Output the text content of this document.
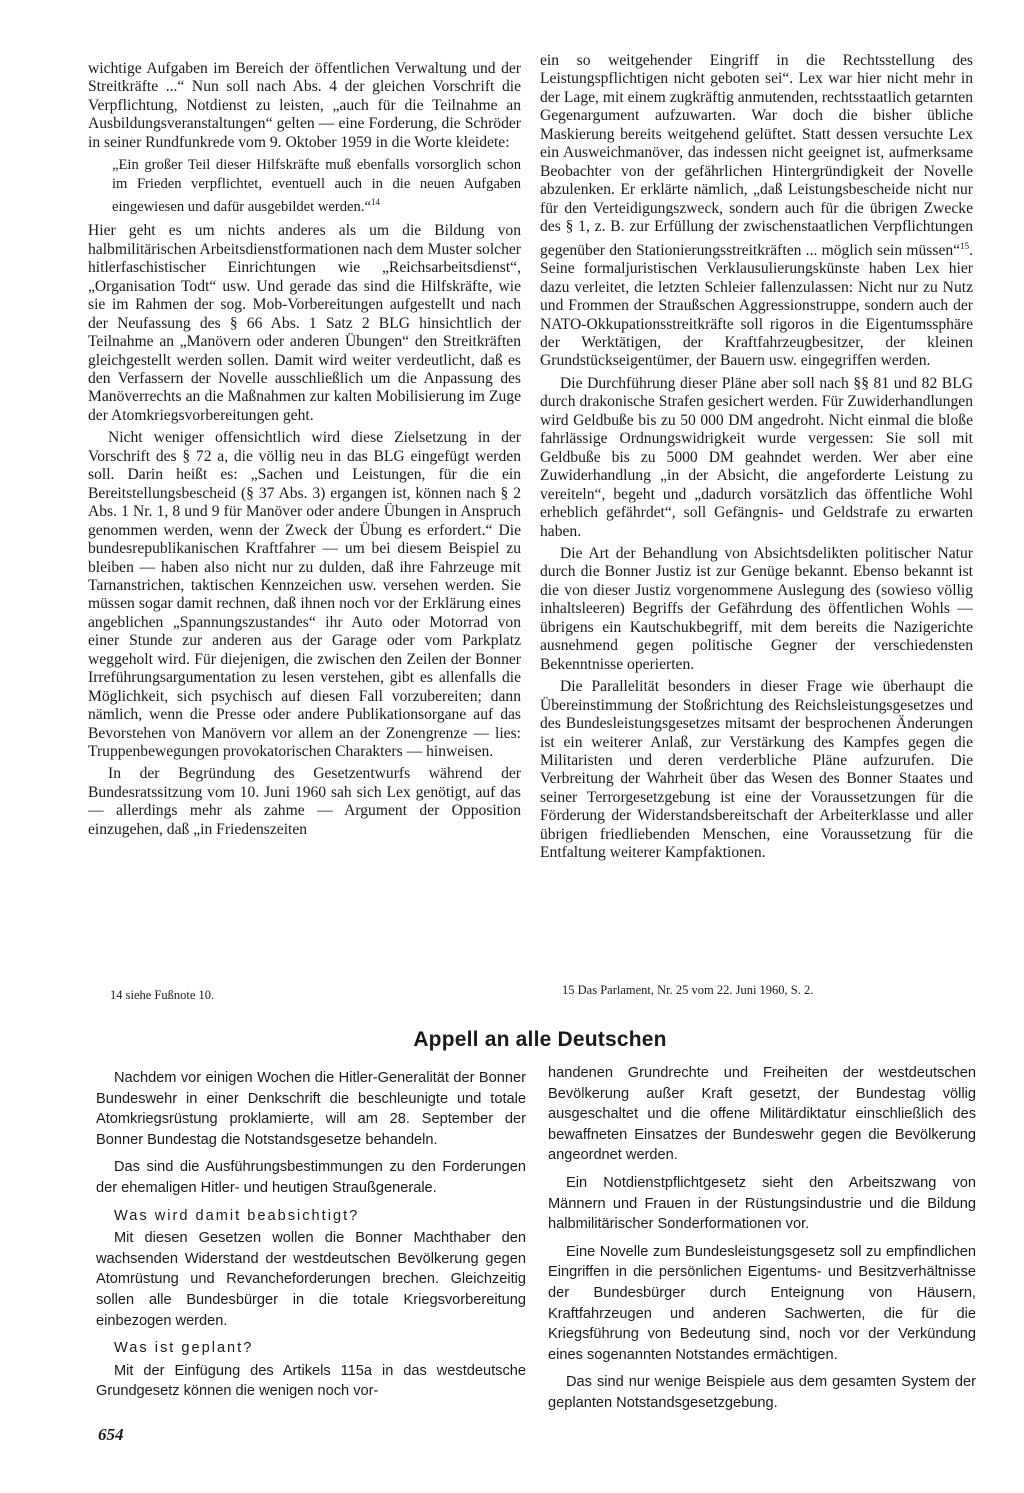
wichtige Aufgaben im Bereich der öffentlichen Verwaltung und der Streitkräfte ...“ Nun soll nach Abs. 4 der gleichen Vorschrift die Verpflichtung, Notdienst zu leisten, „auch für die Teilnahme an Ausbildungsveranstaltungen“ gelten — eine Forderung, die Schröder in seiner Rundfunkrede vom 9. Oktober 1959 in die Worte kleidete:

„Ein großer Teil dieser Hilfskräfte muß ebenfalls vorsorglich schon im Frieden verpflichtet, eventuell auch in die neuen Aufgaben eingewiesen und dafür ausgebildet werden.“$^{14}$

Hier geht es um nichts anderes als um die Bildung von halbmilitärischen Arbeitsdienstformationen nach dem Muster solcher hitlerfaschistischer Einrichtungen wie „Reichsarbeitsdienst“, „Organisation Todt“ usw. Und gerade das sind die Hilfskräfte, wie sie im Rahmen der sog. Mob-Vorbereitungen aufgestellt und nach der Neufassung des § 66 Abs. 1 Satz 2 BLG hinsichtlich der Teilnahme an „Manövern oder anderen Übungen“ den Streitkräften gleichgestellt werden sollen. Damit wird weiter verdeutlicht, daß es den Verfassern der Novelle ausschließlich um die Anpassung des Manöverrechts an die Maßnahmen zur kalten Mobilisierung im Zuge der Atomkriegsvorbereitungen geht.

Nicht weniger offensichtlich wird diese Zielsetzung in der Vorschrift des § 72 a, die völlig neu in das BLG eingefügt werden soll. Darin heißt es: „Sachen und Leistungen, für die ein Bereitstellungsbescheid (§ 37 Abs. 3) ergangen ist, können nach § 2 Abs. 1 Nr. 1, 8 und 9 für Manöver oder andere Übungen in Anspruch genommen werden, wenn der Zweck der Übung es erfordert.“ Die bundesrepublikanischen Kraftfahrer — um bei diesem Beispiel zu bleiben — haben also nicht nur zu dulden, daß ihre Fahrzeuge mit Tarnanstrichen, taktischen Kennzeichen usw. versehen werden. Sie müssen sogar damit rechnen, daß ihnen noch vor der Erklärung eines angeblichen „Spannungszustandes“ ihr Auto oder Motorrad von einer Stunde zur anderen aus der Garage oder vom Parkplatz weggeholt wird. Für diejenigen, die zwischen den Zeilen der Bonner Irreführungsargumentation zu lesen verstehen, gibt es allenfalls die Möglichkeit, sich psychisch auf diesen Fall vorzubereiten; dann nämlich, wenn die Presse oder andere Publikationsorgane auf das Bevorstehen von Manövern vor allem an der Zonengrenze — lies: Truppenbewegungen provokatorischen Charakters — hinweisen.

In der Begründung des Gesetzentwurfs während der Bundesratssitzung vom 10. Juni 1960 sah sich Lex genötigt, auf das — allerdings mehr als zahme — Argument der Opposition einzugehen, daß „in Friedenszeiten

14 siehe Fußnote 10.

ein so weitgehender Eingriff in die Rechtsstellung des Leistungspflichtigen nicht geboten sei“. Lex war hier nicht mehr in der Lage, mit einem zugkräftig anmutenden, rechtsstaatlich getarnten Gegenargument aufzuwarten. War doch die bisher übliche Maskierung bereits weitgehend gelüftet. Statt dessen versuchte Lex ein Ausweichmanöver, das indessen nicht geeignet ist, aufmerksame Beobachter von der gefährlichen Hintergründigkeit der Novelle abzulenken. Er erklärte nämlich, „daß Leistungsbescheide nicht nur für den Verteidigungszweck, sondern auch für die übrigen Zwecke des § 1, z. B. zur Erfüllung der zwischenstaatlichen Verpflichtungen gegenüber den Stationierungsstreitkräften ... möglich sein müssen“$^{15}$. Seine formaljuristischen Verklausulierungskünste haben Lex hier dazu verleitet, die letzten Schleier fallenzulassen: Nicht nur zu Nutz und Frommen der Straußschen Aggressionstruppe, sondern auch der NATO-Okkupationsstreitkräfte soll rigoros in die Eigentumssphäre der Werktätigen, der Kraftfahrzeugbesitzer, der kleinen Grundstückseigentümer, der Bauern usw. eingegriffen werden.

Die Durchführung dieser Pläne aber soll nach §§ 81 und 82 BLG durch drakonische Strafen gesichert werden. Für Zuwiderhandlungen wird Geldbuße bis zu 50 000 DM angedroht. Nicht einmal die bloße fahrlässige Ordnungswidrigkeit wurde vergessen: Sie soll mit Geldbuße bis zu 5000 DM geahndet werden. Wer aber eine Zuwiderhandlung „in der Absicht, die angeforderte Leistung zu vereiteln“, begeht und „dadurch vorsätzlich das öffentliche Wohl erheblich gefährdet“, soll Gefängnis- und Geldstrafe zu erwarten haben.

Die Art der Behandlung von Absichtsdelikten politischer Natur durch die Bonner Justiz ist zur Genüge bekannt. Ebenso bekannt ist die von dieser Justiz vorgenommene Auslegung des (sowieso völlig inhaltsleeren) Begriffs der Gefährdung des öffentlichen Wohls — übrigens ein Kautschukbegriff, mit dem bereits die Nazigerichte ausnehmend gegen politische Gegner der verschiedensten Bekenntnisse operierten.

Die Parallelität besonders in dieser Frage wie überhaupt die Übereinstimmung der Stoßrichtung des Reichsleistungsgesetzes und des Bundesleistungsgesetzes mitsamt der besprochenen Änderungen ist ein weiterer Anlaß, zur Verstärkung des Kampfes gegen die Militaristen und deren verderbliche Pläne aufzurufen. Die Verbreitung der Wahrheit über das Wesen des Bonner Staates und seiner Terrorgesetzgebung ist eine der Voraussetzungen für die Förderung der Widerstandsbereitschaft der Arbeiterklasse und aller übrigen friedliebenden Menschen, eine Voraussetzung für die Entfaltung weiterer Kampfaktionen.

15 Das Parlament, Nr. 25 vom 22. Juni 1960, S. 2.
Appell an alle Deutschen

Nachdem vor einigen Wochen die Hitler-Generalität der Bonner Bundeswehr in einer Denkschrift die beschleunigte und totale Atomkriegsrüstung proklamierte, will am 28. September der Bonner Bundestag die Notstandsgesetze behandeln.

Das sind die Ausführungsbestimmungen zu den Forderungen der ehemaligen Hitler- und heutigen Straußgenerale.

Was wird damit beabsichtigt?

Mit diesen Gesetzen wollen die Bonner Machthaber den wachsenden Widerstand der westdeutschen Bevölkerung gegen Atomrüstung und Revancheforderungen brechen. Gleichzeitig sollen alle Bundesbürger in die totale Kriegsvorbereitung einbezogen werden.

Was ist geplant?

Mit der Einfügung des Artikels 115a in das westdeutsche Grundgesetz können die wenigen noch vor-

handenen Grundrechte und Freiheiten der westdeutschen Bevölkerung außer Kraft gesetzt, der Bundestag völlig ausgeschaltet und die offene Militärdiktatur einschließlich des bewaffneten Einsatzes der Bundeswehr gegen die Bevölkerung angeordnet werden.

Ein Notdienstpflichtgesetz sieht den Arbeitszwang von Männern und Frauen in der Rüstungsindustrie und die Bildung halbmilitärischer Sonderformationen vor.

Eine Novelle zum Bundesleistungsgesetz soll zu empfindlichen Eingriffen in die persönlichen Eigentums- und Besitzverhältnisse der Bundesbürger durch Enteignung von Häusern, Kraftfahrzeugen und anderen Sachwerten, die für die Kriegsführung von Bedeutung sind, noch vor der Verkündung eines sogenannten Notstandes ermächtigen.

Das sind nur wenige Beispiele aus dem gesamten System der geplanten Notstandsgesetzgebung.

654
